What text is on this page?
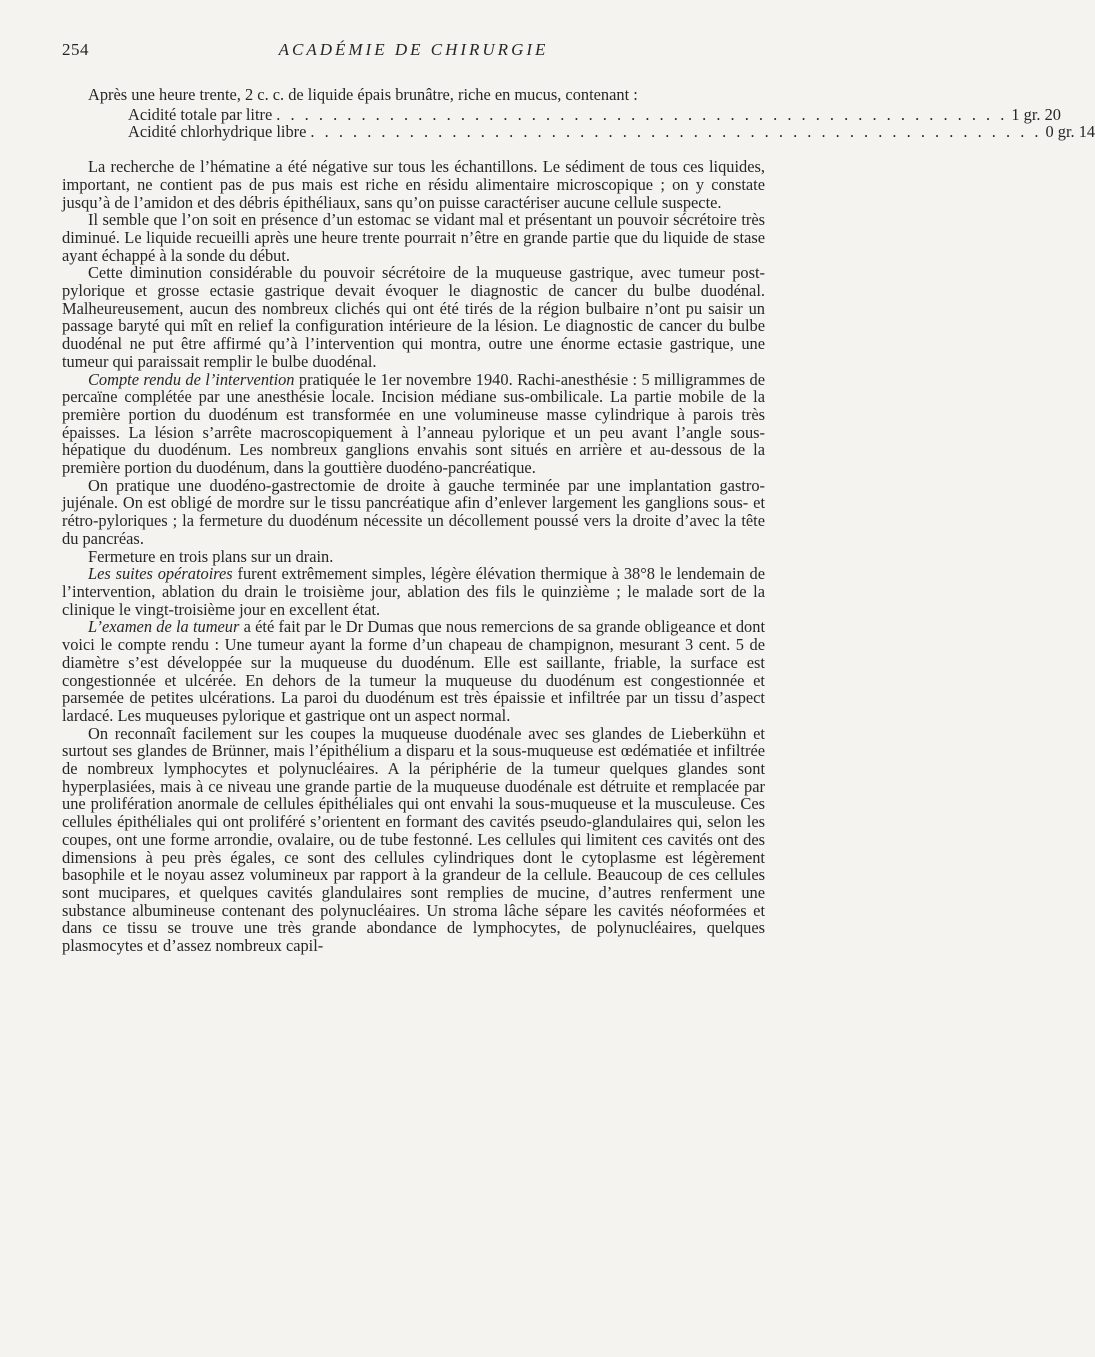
254	ACADÉMIE DE CHIRURGIE

Après une heure trente, 2 c. c. de liquide épais brunâtre, riche en mucus, contenant :

Acidité totale par litre . . . . . . . . . . . . . . . . . . . . . . . . . . . . . . . . . . . . . . . . . . . . . . . . . . . . 1 gr. 20
Acidité chlorhydrique libre . . . . . . . . . . . . . . . . . . . . . . . . . . . . . . . . . . . . . . . . . . . . . . . . . . . . 0 gr. 14

La recherche de l’hématine a été négative sur tous les échantillons. Le sédiment de tous ces liquides, important, ne contient pas de pus mais est riche en résidu alimentaire microscopique ; on y constate jusqu’à de l’amidon et des débris épithéliaux, sans qu’on puisse caractériser aucune cellule suspecte.

Il semble que l’on soit en présence d’un estomac se vidant mal et présentant un pouvoir sécrétoire très diminué. Le liquide recueilli après une heure trente pourrait n’être en grande partie que du liquide de stase ayant échappé à la sonde du début.

Cette diminution considérable du pouvoir sécrétoire de la muqueuse gastrique, avec tumeur post-pylorique et grosse ectasie gastrique devait évoquer le diagnostic de cancer du bulbe duodénal. Malheureusement, aucun des nombreux clichés qui ont été tirés de la région bulbaire n’ont pu saisir un passage baryté qui mît en relief la configuration intérieure de la lésion. Le diagnostic de cancer du bulbe duodénal ne put être affirmé qu’à l’intervention qui montra, outre une énorme ectasie gastrique, une tumeur qui paraissait remplir le bulbe duodénal.

Compte rendu de l’intervention pratiquée le 1er novembre 1940. Rachi-anesthésie : 5 milligrammes de percaïne complétée par une anesthésie locale. Incision médiane sus-ombilicale. La partie mobile de la première portion du duodénum est transformée en une volumineuse masse cylindrique à parois très épaisses. La lésion s’arrête macroscopiquement à l’anneau pylorique et un peu avant l’angle sous-hépatique du duodénum. Les nombreux ganglions envahis sont situés en arrière et au-dessous de la première portion du duodénum, dans la gouttière duodéno-pancréatique.

On pratique une duodéno-gastrectomie de droite à gauche terminée par une implantation gastro-jujénale. On est obligé de mordre sur le tissu pancréatique afin d’enlever largement les ganglions sous- et rétro-pyloriques ; la fermeture du duodénum nécessite un décollement poussé vers la droite d’avec la tête du pancréas.

Fermeture en trois plans sur un drain.

Les suites opératoires furent extrêmement simples, légère élévation thermique à 38°8 le lendemain de l’intervention, ablation du drain le troisième jour, ablation des fils le quinzième ; le malade sort de la clinique le vingt-troisième jour en excellent état.

L’examen de la tumeur a été fait par le Dr Dumas que nous remercions de sa grande obligeance et dont voici le compte rendu : Une tumeur ayant la forme d’un chapeau de champignon, mesurant 3 cent. 5 de diamètre s’est développée sur la muqueuse du duodénum. Elle est saillante, friable, la surface est congestionnée et ulcérée. En dehors de la tumeur la muqueuse du duodénum est congestionnée et parsemée de petites ulcérations. La paroi du duodénum est très épaissie et infiltrée par un tissu d’aspect lardacé. Les muqueuses pylorique et gastrique ont un aspect normal.

On reconnaît facilement sur les coupes la muqueuse duodénale avec ses glandes de Lieberkühn et surtout ses glandes de Brünner, mais l’épithélium a disparu et la sous-muqueuse est œdématiée et infiltrée de nombreux lymphocytes et polynucléaires. A la périphérie de la tumeur quelques glandes sont hyperplasiées, mais à ce niveau une grande partie de la muqueuse duodénale est détruite et remplacée par une prolifération anormale de cellules épithéliales qui ont envahi la sous-muqueuse et la musculeuse. Ces cellules épithéliales qui ont proliféré s’orientent en formant des cavités pseudo-glandulaires qui, selon les coupes, ont une forme arrondie, ovalaire, ou de tube festonné. Les cellules qui limitent ces cavités ont des dimensions à peu près égales, ce sont des cellules cylindriques dont le cytoplasme est légèrement basophile et le noyau assez volumineux par rapport à la grandeur de la cellule. Beaucoup de ces cellules sont mucipares, et quelques cavités glandulaires sont remplies de mucine, d’autres renferment une substance albumineuse contenant des polynucléaires. Un stroma lâche sépare les cavités néoformées et dans ce tissu se trouve une très grande abondance de lymphocytes, de polynucléaires, quelques plasmocytes et d’assez nombreux capil-
